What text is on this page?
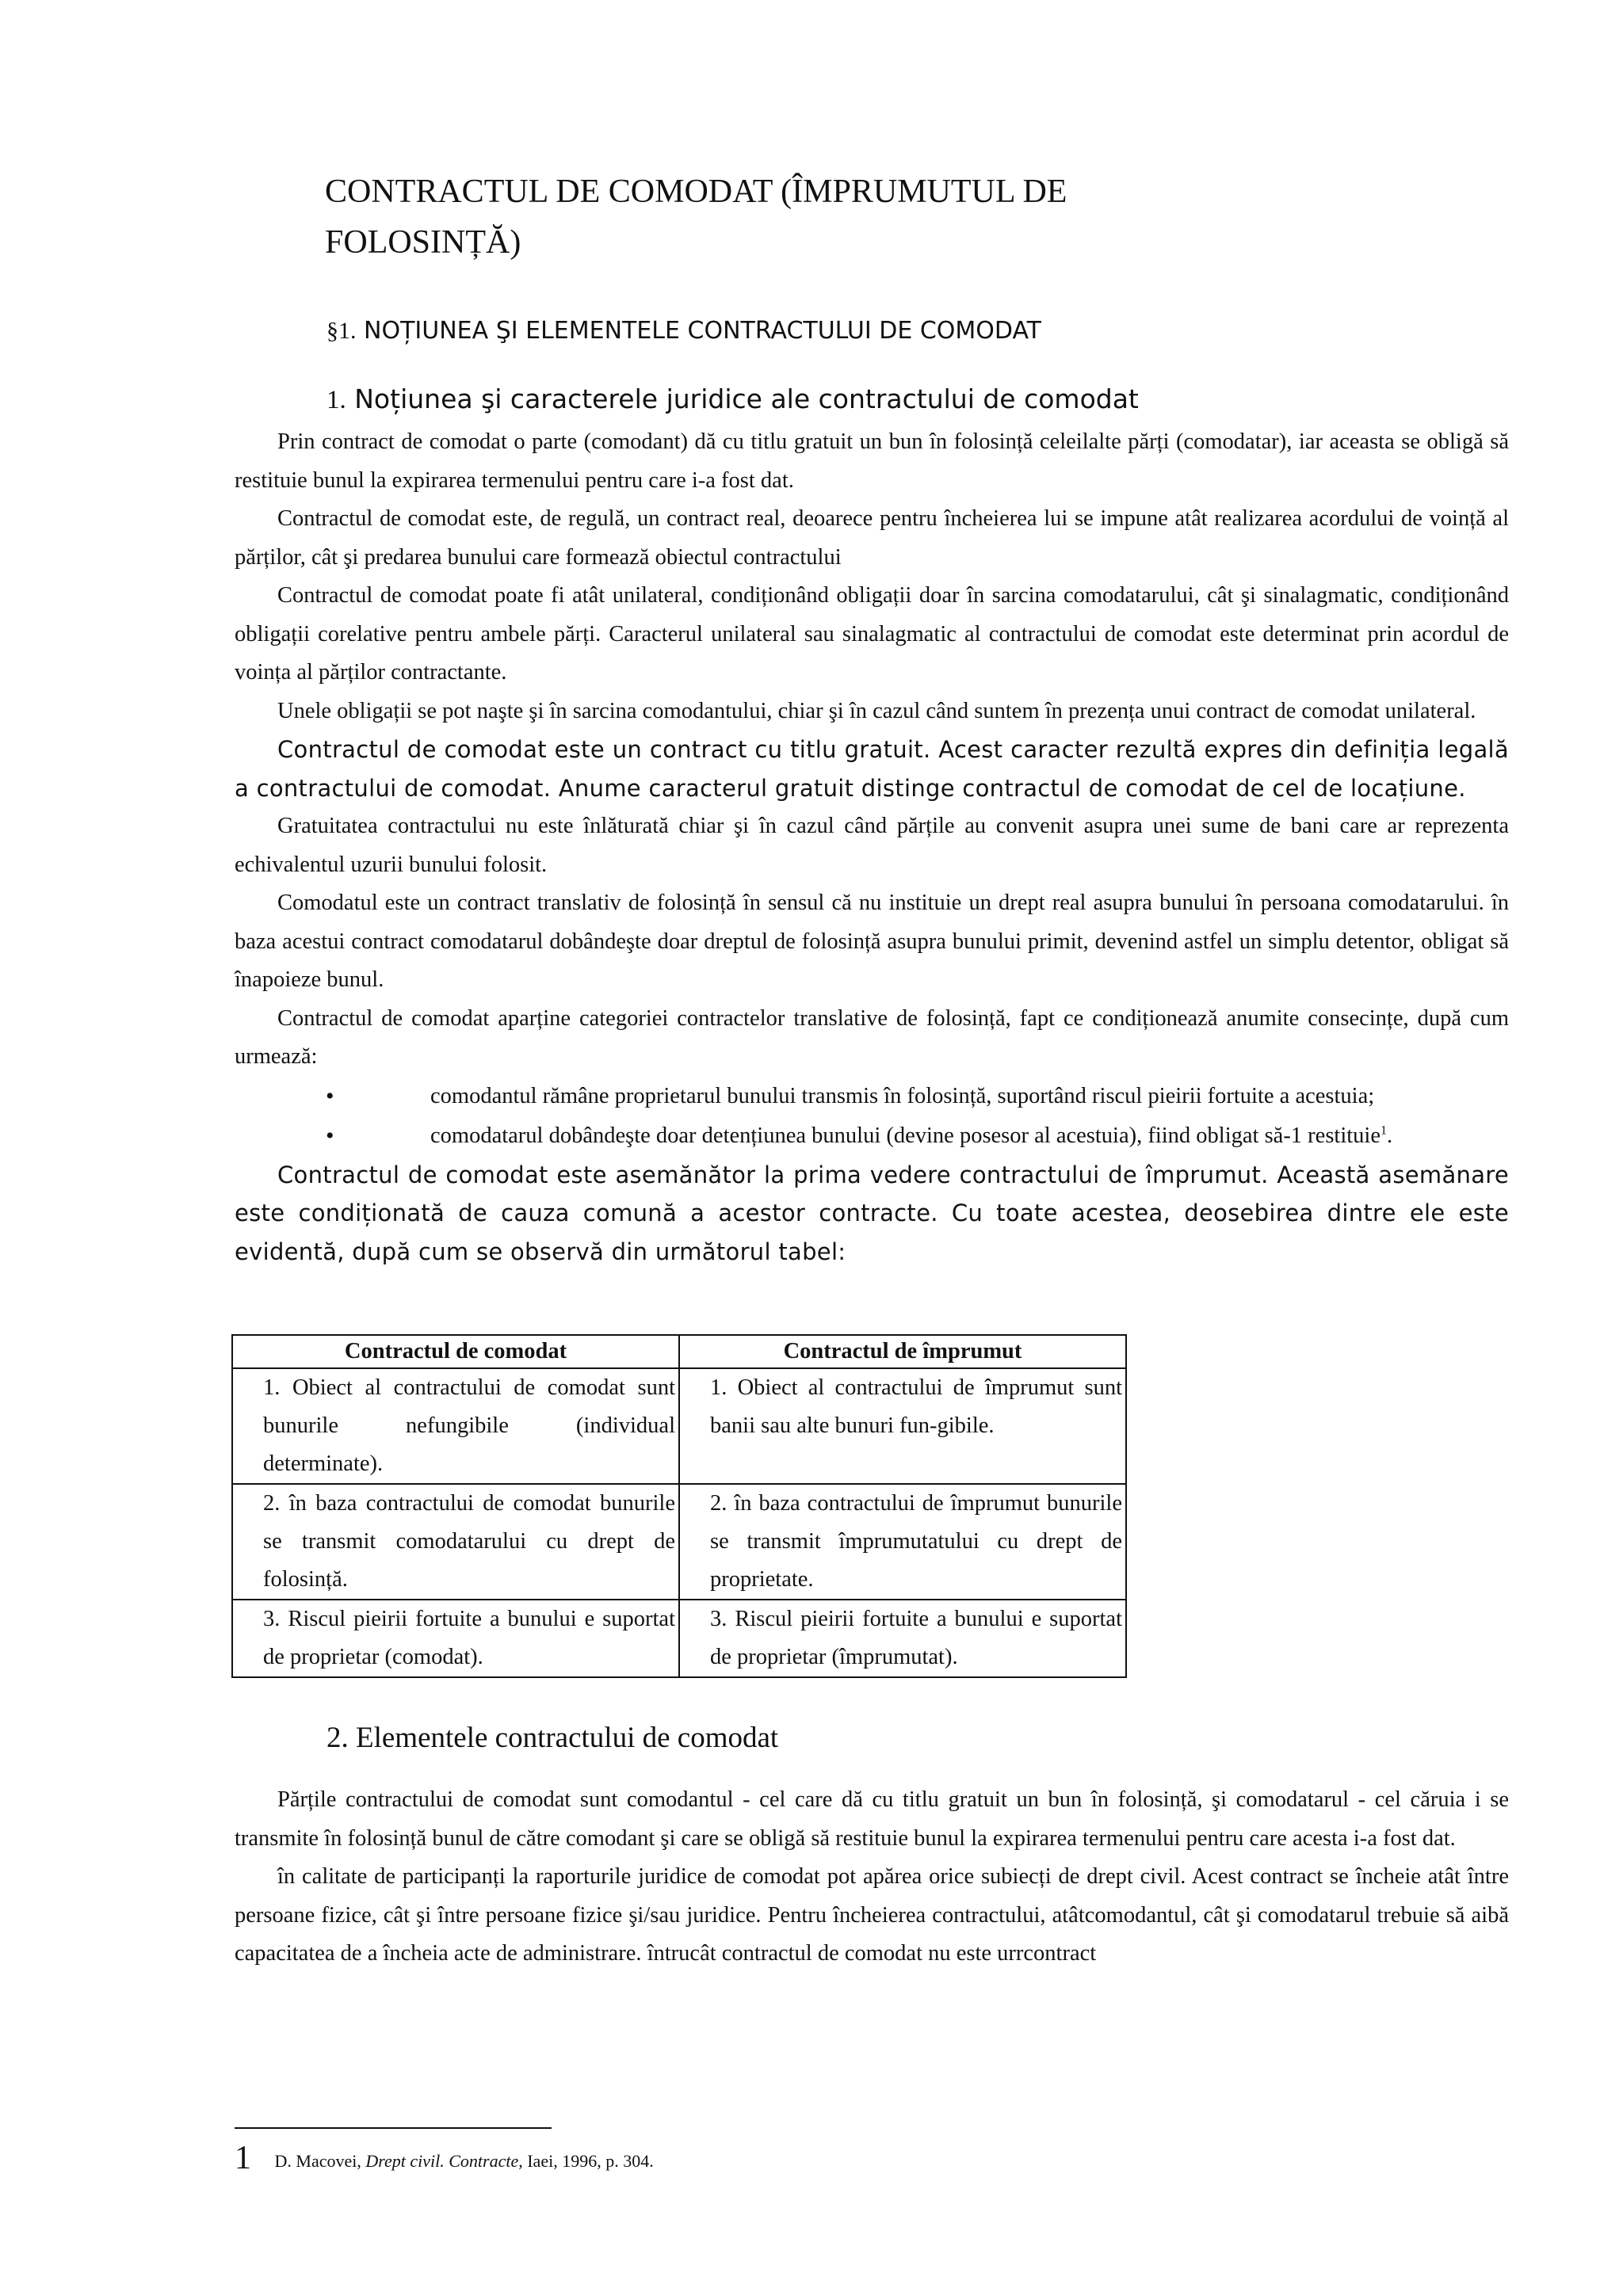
CONTRACTUL DE COMODAT (ÎMPRUMUTUL DE FOLOSINȚĂ)

§1. NOȚIUNEA ŞI ELEMENTELE CONTRACTULUI DE COMODAT

1. Noțiunea şi caracterele juridice ale contractului de comodat

Prin contract de comodat o parte (comodant) dă cu titlu gratuit un bun în folosință celeilalte părți (comodatar), iar aceasta se obligă să restituie bunul la expirarea termenului pentru care i-a fost dat.

Contractul de comodat este, de regulă, un contract real, deoarece pentru încheierea lui se impune atât realizarea acordului de voință al părților, cât şi predarea bunului care formează obiectul contractului

Contractul de comodat poate fi atât unilateral, condiționând obligații doar în sarcina comodatarului, cât şi sinalagmatic, condiționând obligații corelative pentru ambele părți. Caracterul unilateral sau sinalagmatic al contractului de comodat este determinat prin acordul de voința al părților contractante.

Unele obligații se pot naşte şi în sarcina comodantului, chiar şi în cazul când suntem în prezența unui contract de comodat unilateral.

Contractul de comodat este un contract cu titlu gratuit. Acest caracter rezultă expres din definiția legală a contractului de comodat. Anume caracterul gratuit distinge contractul de comodat de cel de locațiune.

Gratuitatea contractului nu este înlăturată chiar şi în cazul când părțile au convenit asupra unei sume de bani care ar reprezenta echivalentul uzurii bunului folosit.

Comodatul este un contract translativ de folosință în sensul că nu instituie un drept real asupra bunului în persoana comodatarului. în baza acestui contract comodatarul dobândeşte doar dreptul de folosință asupra bunului primit, devenind astfel un simplu detentor, obligat să înapoieze bunul.

Contractul de comodat aparține categoriei contractelor translative de folosință, fapt ce condiționează anumite consecințe, după cum urmează:

•	comodantul rămâne proprietarul bunului transmis în folosință, suportând riscul pieirii fortuite a acestuia;
•	comodatarul dobândeşte doar detențiunea bunului (devine posesor al acestuia), fiind obligat să-1 restituie$^1$.

Contractul de comodat este asemănător la prima vedere contractului de împrumut. Această asemănare este condiționată de cauza comună a acestor contracte. Cu toate acestea, deosebirea dintre ele este evidentă, după cum se observă din următorul tabel:

Contractul de comodat	Contractul de împrumut

1. Obiect al contractului de comodat sunt bunurile nefungibile (individual determinate).	1. Obiect al contractului de împrumut sunt banii sau alte bunuri fun-gibile.

2. în baza contractului de comodat bunurile se transmit comodatarului cu drept de folosință.	2. în baza contractului de împrumut bunurile se transmit împrumutatului cu drept de proprietate.

3. Riscul pieirii fortuite a bunului e suportat de proprietar (comodat).	3. Riscul pieirii fortuite a bunului e suportat de proprietar (împrumutat).
2. Elementele contractului de comodat

Părțile contractului de comodat sunt comodantul - cel care dă cu titlu gratuit un bun în folosință, şi comodatarul - cel căruia i se transmite în folosință bunul de către comodant şi care se obligă să restituie bunul la expirarea termenului pentru care acesta i-a fost dat.

în calitate de participanți la raporturile juridice de comodat pot apărea orice subiecți de drept civil. Acest contract se încheie atât între persoane fizice, cât şi între persoane fizice şi/sau juridice. Pentru încheierea contractului, atâtcomodantul, cât şi comodatarul trebuie să aibă capacitatea de a încheia acte de administrare. întrucât contractul de comodat nu este urrcontract

1 D. Macovei, Drept civil. Contracte, Iaei, 1996, p. 304.
